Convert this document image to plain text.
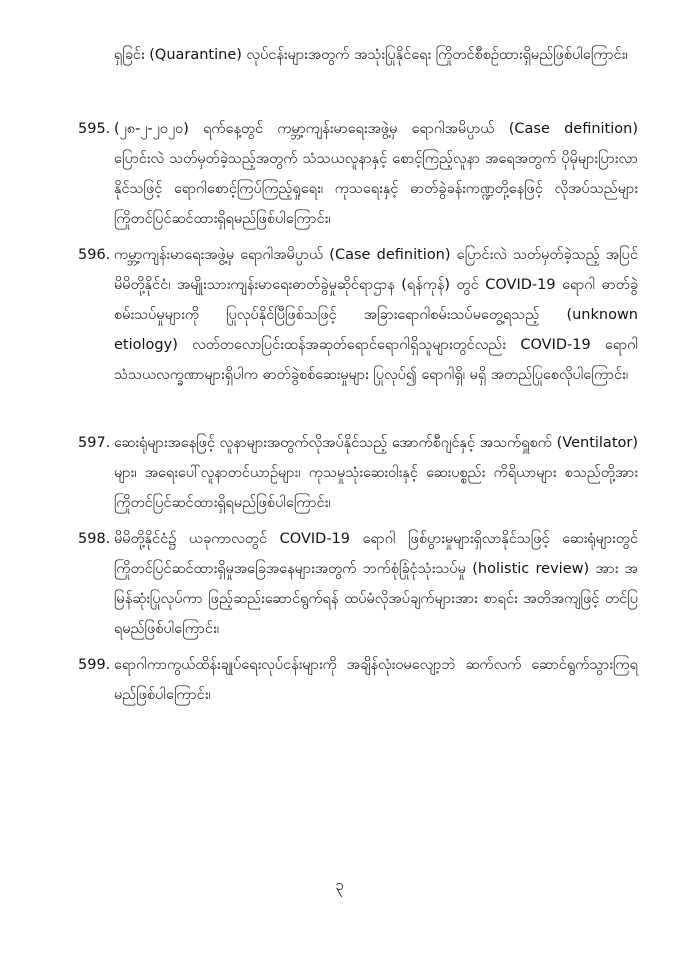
ရှခြင်း (Quarantine) လုပ်ငန်းများအတွက် အသုံးပြုနိုင်ရေး ကြိုတင်စီစဉ်ထားရှိမည်ဖြစ်ပါကြောင်း၊
595. (၂၈-၂-၂၀၂၀) ရက်နေ့တွင် ကမ္ဘာ့ကျန်းမာရေးအဖွဲ့မှ ရောဂါအမိပ္ပာယ် (Case definition) ပြောင်းလဲ သတ်မှတ်ခဲ့သည့်အတွက် သံသယလူနာနှင့် စောင့်ကြည့်လူနာ အရေအတွက် ပိုမိုများပြားလာနိုင်သဖြင့် ရောဂါစောင့်ကြပ်ကြည့်ရှုရေး၊ ကုသရေးနှင့် ဓာတ်ခွဲခန်းကဏ္ဍတို့နေဖြင့် လိုအပ်သည်များ ကြိုတင်ပြင်ဆင်ထားရှိရမည်ဖြစ်ပါကြောင်း၊
596. ကမ္ဘာ့ကျန်းမာရေးအဖွဲ့မှ ရောဂါအမိပ္ပာယ် (Case definition) ပြောင်းလဲ သတ်မှတ်ခဲ့သည့် အပြင် မိမိတို့နိုင်ငံ၊ အမျိုးသားကျန်းမာရေးဓာတ်ခွဲမှုဆိုင်ရာဌာန (ရန်ကုန်) တွင် COVID-19 ရောဂါ ဓာတ်ခွဲစမ်းသပ်မှုများကို ပြုလုပ်နိုင်ပြီဖြစ်သဖြင့် အခြားရောဂါစမ်းသပ်မတွေ့ရသည့် (unknown etiology) လတ်တလောပြင်းထန်အဆုတ်ရောင်ရောဂါရှိသူများတွင်လည်း COVID-19 ရောဂါ သံသယလက္ခဏာများရှိပါက ဓာတ်ခွဲစစ်ဆေးမှုများ ပြုလုပ်၍ ရောဂါရှိ၊ မရှိ အတည်ပြုစေလိုပါကြောင်း၊
597. ဆေးရုံများအနေဖြင့် လူနာများအတွက်လိုအပ်နိုင်သည့် အောက်စီဂျင်နှင့် အသက်ရှူစက် (Ventilator) များ၊ အရေးပေါ်လူနာတင်ယာဉ်များ၊ ကုသမှုသုံးဆေးဝါးနှင့် ဆေးပစ္စည်း ကိရိယာများ စသည်တို့အား ကြိုတင်ပြင်ဆင်ထားရှိရမည်ဖြစ်ပါကြောင်း၊
598. မိမိတို့နိုင်ငံ၌ ယခုကာလတွင် COVID-19 ရောဂါ ဖြစ်ပွားမှုများရှိလာနိုင်သဖြင့် ဆေးရုံများတွင် ကြိုတင်ပြင်ဆင်ထားရှိမှုအခြေအနေများအတွက် ဘက်စုံခြုံငုံသုံးသပ်မှု (holistic review) အား အမြန်ဆုံးပြုလုပ်ကာ ဖြည့်ဆည်းဆောင်ရွက်ရန် ထပ်မံလိုအပ်ချက်များအား စာရင်း အတိအကျဖြင့် တင်ပြရမည်ဖြစ်ပါကြောင်း၊
599. ရောဂါကာကွယ်ထိန်းချုပ်ရေးလုပ်ငန်းများကို အချိန်လုံးဝမလျော့ဘဲ ဆက်လက် ဆောင်ရွက်သွားကြရမည်ဖြစ်ပါကြောင်း၊
၃
